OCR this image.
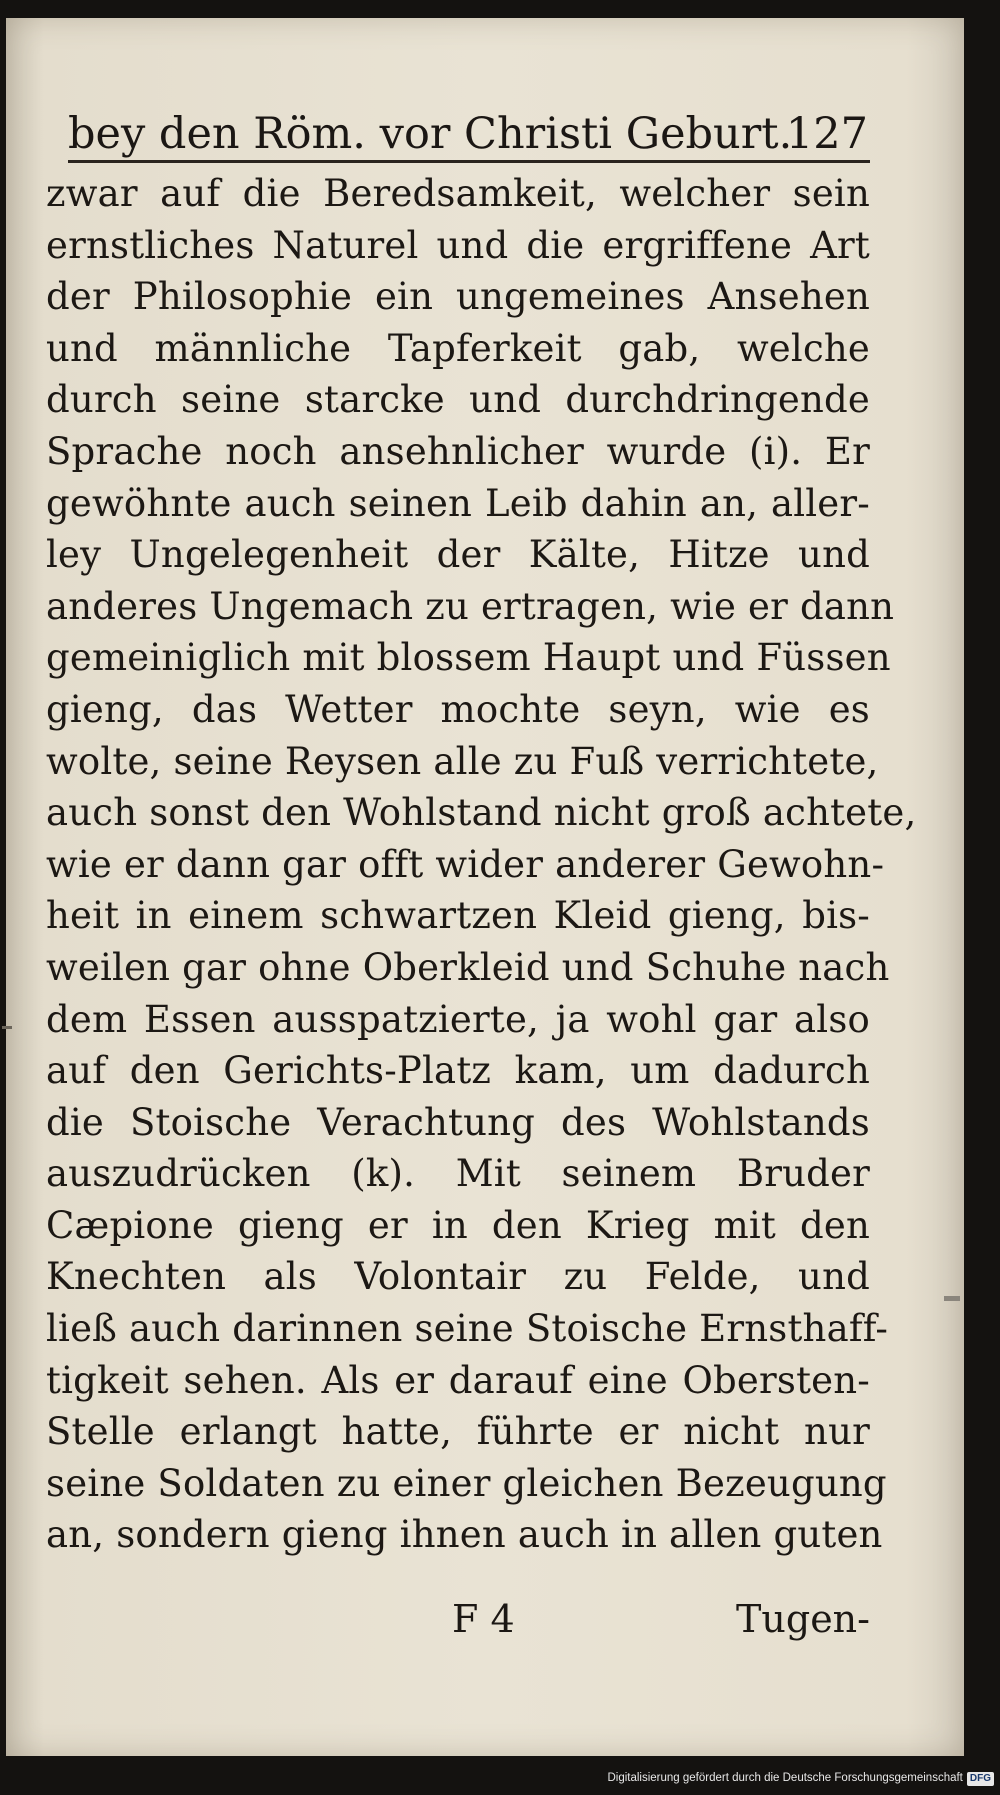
bey den Röm. vor Christi Geburt.
127
zwar auf die Beredsamkeit, welcher sein
ernstliches Naturel und die ergriffene Art
der Philosophie ein ungemeines Ansehen
und männliche Tapferkeit gab, welche
durch seine starcke und durchdringende
Sprache noch ansehnlicher wurde (i). Er
gewöhnte auch seinen Leib dahin an, aller-
ley Ungelegenheit der Kälte, Hitze und
anderes Ungemach zu ertragen, wie er dann
gemeiniglich mit blossem Haupt und Füssen
gieng, das Wetter mochte seyn, wie es
wolte, seine Reysen alle zu Fuß verrichtete,
auch sonst den Wohlstand nicht groß achtete,
wie er dann gar offt wider anderer Gewohn-
heit in einem schwartzen Kleid gieng, bis-
weilen gar ohne Oberkleid und Schuhe nach
dem Essen ausspatzierte, ja wohl gar also
auf den Gerichts-Platz kam, um dadurch
die Stoische Verachtung des Wohlstands
auszudrücken (k). Mit seinem Bruder
Cæpione gieng er in den Krieg mit den
Knechten als Volontair zu Felde, und
ließ auch darinnen seine Stoische Ernsthaff-
tigkeit sehen. Als er darauf eine Obersten-
Stelle erlangt hatte, führte er nicht nur
seine Soldaten zu einer gleichen Bezeugung
an, sondern gieng ihnen auch in allen guten
F 4	Tugen-
Digitalisierung gefördert durch die Deutsche Forschungsgemeinschaft DFG
